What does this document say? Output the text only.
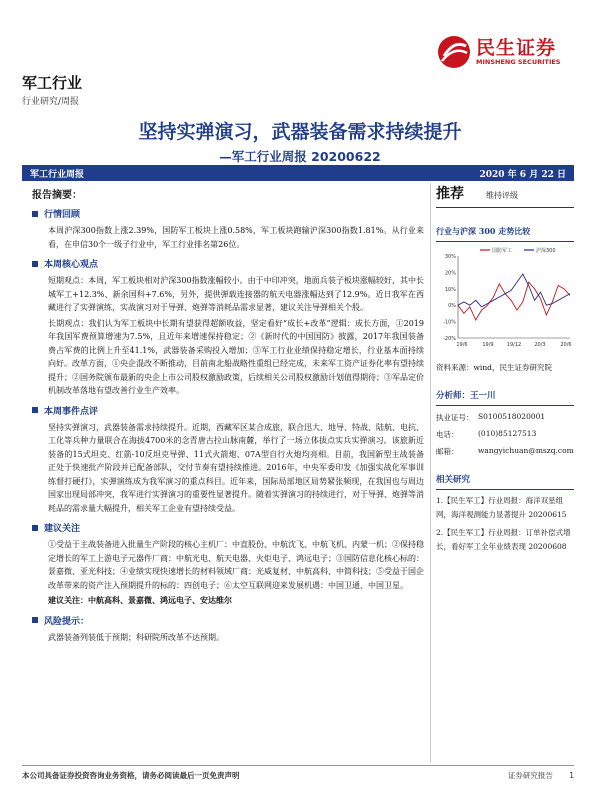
民生证券
MINSHENG SECURITIES
军工行业
行业研究/周报
坚持实弹演习，武器装备需求持续提升
—军工行业周报 20200622
军工行业周报	2020 年 6 月 22 日
报告摘要：
行情回顾

本周沪深300指数上涨2.39%，国防军工板块上涨0.58%，军工板块跑输沪深300指数1.81%。从行业来看，在申信30个一级子行业中，军工行业排名第26位。

本周核心观点

短期观点：本周，军工板块相对沪深300指数涨幅较小。由于中印冲突，地面兵装子板块涨幅较好，其中长城军工+12.3%、新余国科+7.6%，另外，提供弹载连接器的航天电器涨幅达到了12.9%。近日我军在西藏进行了实弹演练，实战演习对于导弹、炮弹等消耗品需求显著，建议关注导弹相关个股。

长期观点：我们认为军工板块中长期有望获得超额收益，坚定看好“成长+改革”逻辑：成长方面，①2019年我国军费预算增速为7.5%，且近年来增速保持稳定；②《新时代的中国国防》披露，2017年我国装备费占军费的比例上升至41.1%，武器装备采购投入增加；③军工行业业绩保持稳定增长，行业基本面持续向好。改革方面，①央企混改不断推动，目前南北船战略性重组已经完成，未来军工资产证券化率有望持续提升；②国务院颁布最新的央企上市公司股权激励政策，后续相关公司股权激励计划值得期待；③军品定价机制改革落地有望改善行业生产效率。

本周事件点评

坚持实弹演习，武器装备需求持续提升。近期，西藏军区某合成旅，联合迅大、地导、特战、陆航、电抗、工化等兵种力量联合在海拔4700米的念青唐古拉山脉南麓，举行了一场立体拔点实兵实弹演习。该旅新近装备的15式坦克、红箭-10反坦克导弹、11式火箭炮、07A型自行火炮均亮相。目前，我国新型主战装备正处于快速批产阶段并已配备部队，交付节奏有望持续推进。2016年，中央军委印发《加强实战化军事训练督打硬打》，实弹演练成为我军演习的重点科目。近年来，国际局部地区局势紧张频现，在我国也与周边国家出现局部冲突，我军进行实弹演习的重要性显著提升。随着实弹演习的持续进行，对于导弹、炮弹等消耗品的需求量大幅提升，相关军工企业有望持续受益。

建议关注

①受益于主战装备进入批量生产阶段的核心主机厂：中直股份、中航沈飞、中航飞机、内蒙一机；②保持稳定增长的军工上游电子元器件厂商：中航光电、航天电器、火炬电子、鸿远电子；③国防信息化核心标的：景嘉微、亚光科技；④业绩实现快速增长的材料领域厂商：光威复材、中航高科、中简科技；⑤受益于国企改革带来的资产注入预期提升的标的：四创电子；⑥太空互联网迎来发展机遇：中国卫通、中国卫星。

建议关注：中航高科、景嘉微、鸿远电子、安达维尔

风险提示：

武器装备列装低于预期；科研院所改革不达预期。

推荐	维持评级
行业与沪深 300 走势比较
30%
20%
10%
0%
-10%
-20%
19/6	19/9	19/12	20/3	20/6
国防军工	沪深300
资料来源：wind，民生证券研究院
分析师：王一川
执业证号： S0100518020001
电话：	(010)85127513
邮箱：	wangyichuan@mszq.com
相关研究
1.【民生军工】行业周报：海洋双星组网，海洋观测能力显著提升 20200615
2.【民生军工】行业周报：订单补偿式增长，看好军工全年业绩表现 20200608
本公司具备证券投资咨询业务资格，请务必阅读最后一页免责声明	证券研究报告 1
